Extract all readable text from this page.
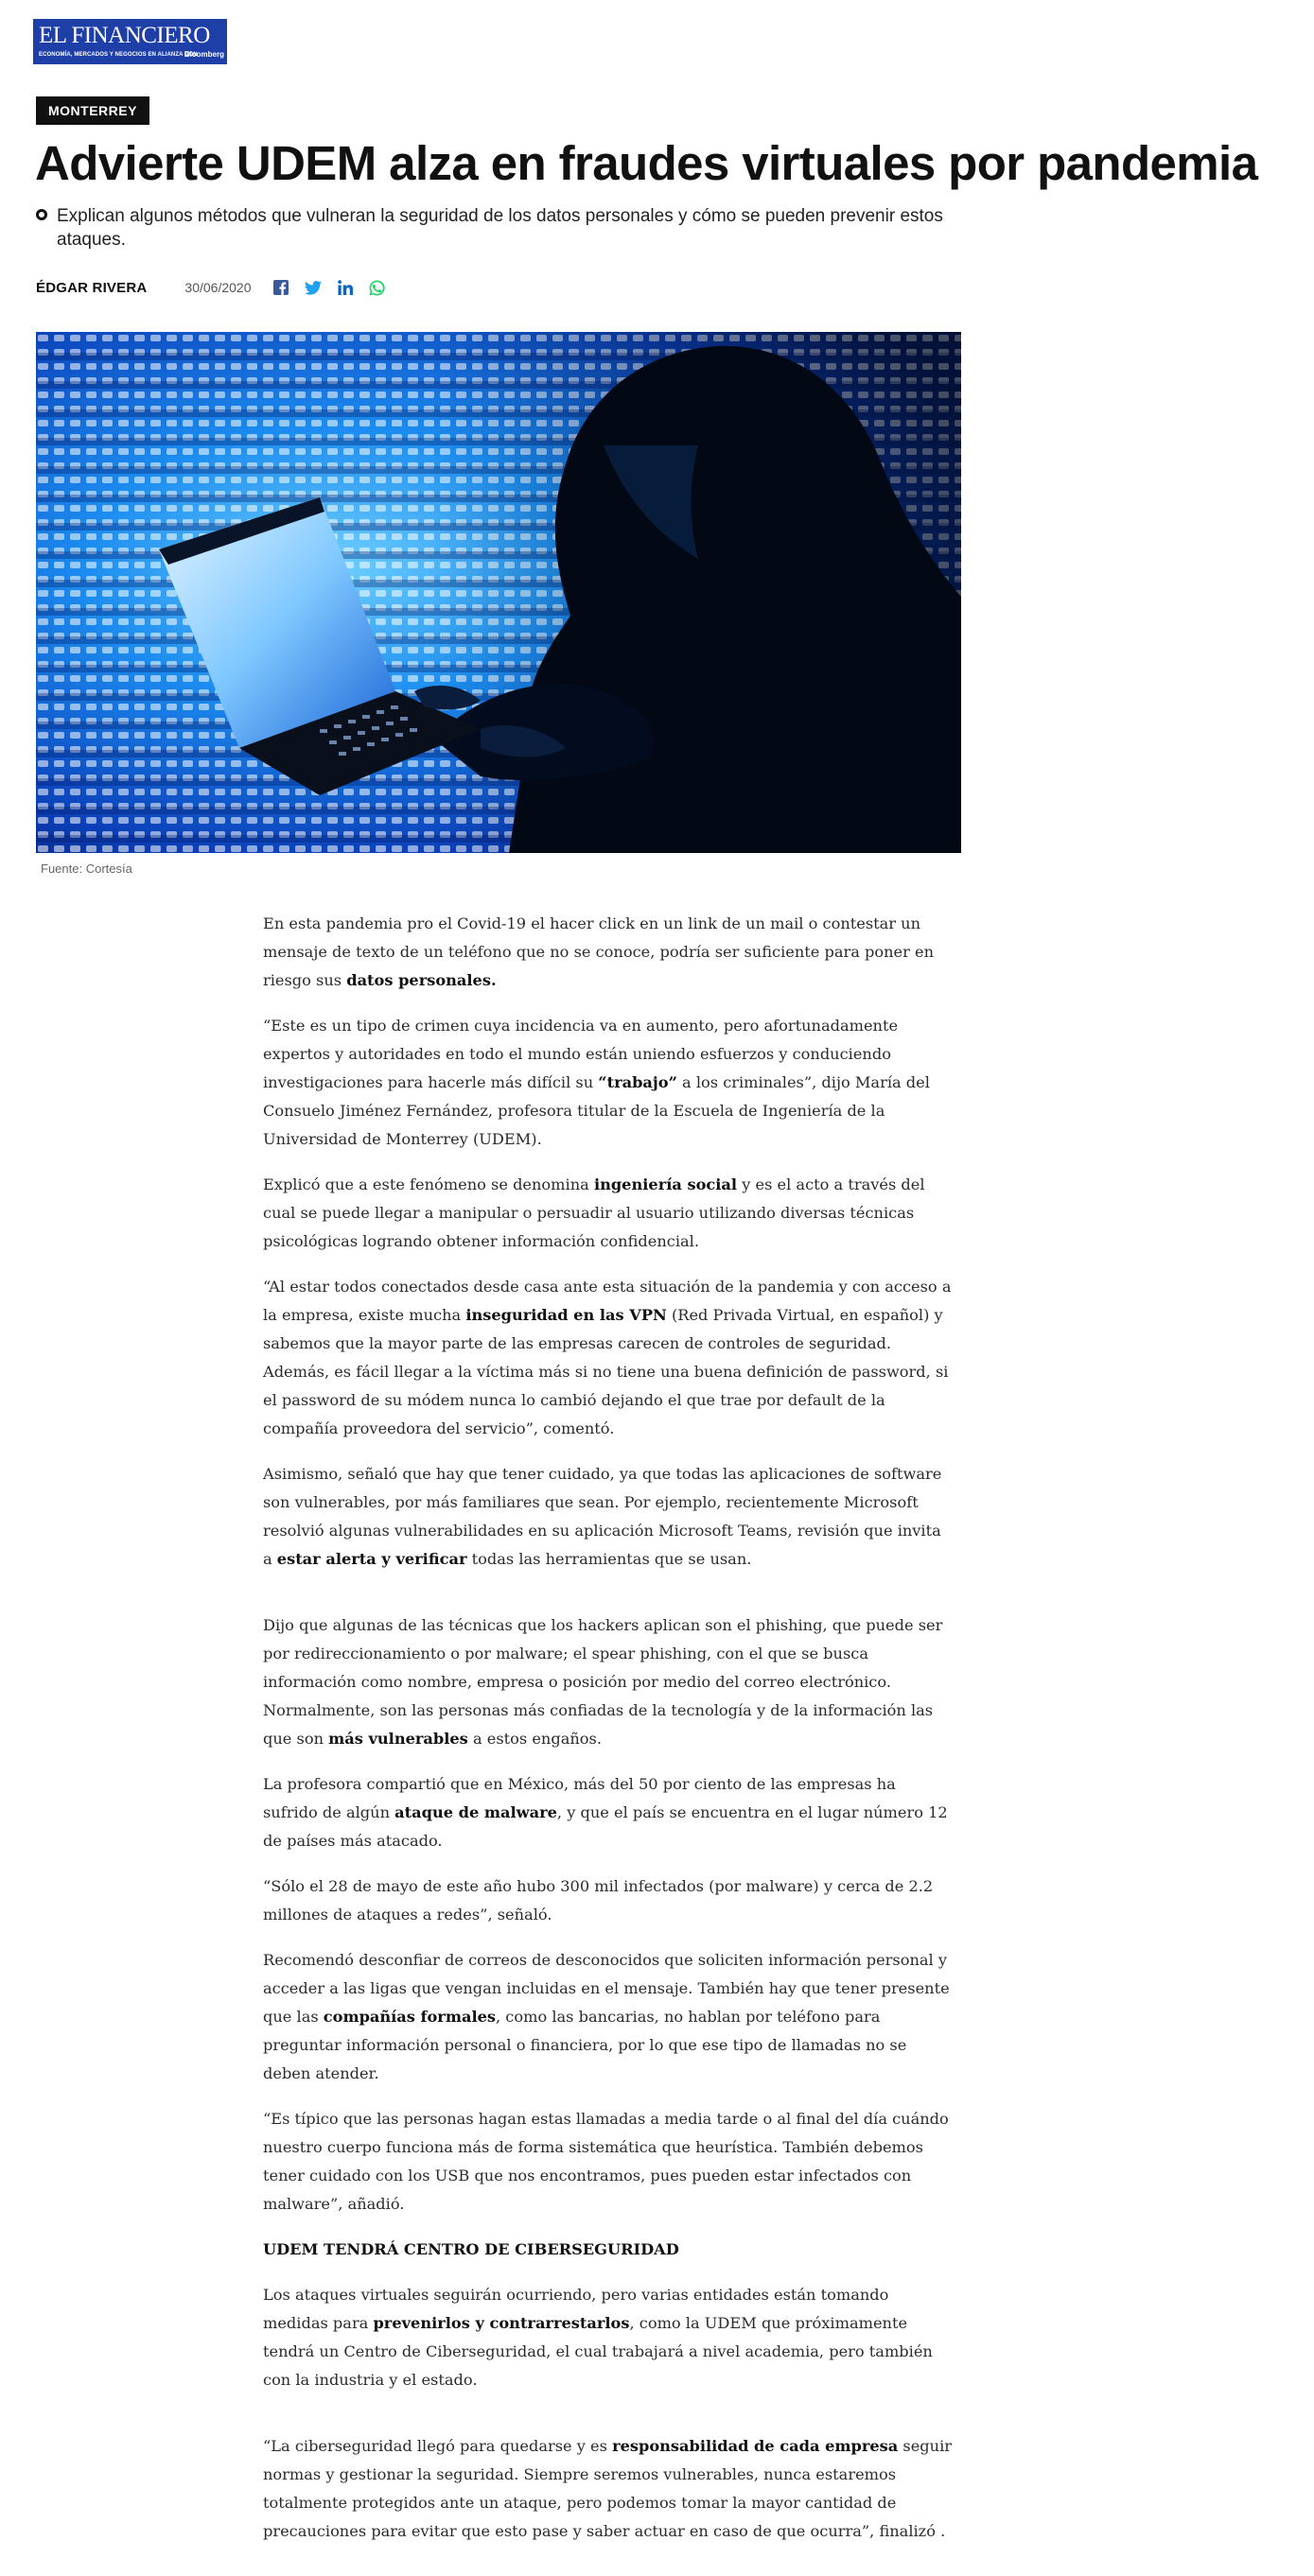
EL FINANCIERO
ECONOMÍA, MERCADOS Y NEGOCIOS EN ALIANZA CON
Bloomberg
MONTERREY
Advierte UDEM alza en fraudes virtuales por pandemia

Explican algunos métodos que vulneran la seguridad de los datos personales y cómo se pueden prevenir estos ataques.

ÉDGAR RIVERA	30/06/2020
Fuente: Cortesía

En esta pandemia pro el Covid-19 el hacer click en un link de un mail o contestar un mensaje de texto de un teléfono que no se conoce, podría ser suficiente para poner en riesgo sus datos personales.

“Este es un tipo de crimen cuya incidencia va en aumento, pero afortunadamente expertos y autoridades en todo el mundo están uniendo esfuerzos y conduciendo investigaciones para hacerle más difícil su “trabajo” a los criminales”, dijo María del Consuelo Jiménez Fernández, profesora titular de la Escuela de Ingeniería de la Universidad de Monterrey (UDEM).

Explicó que a este fenómeno se denomina ingeniería social y es el acto a través del cual se puede llegar a manipular o persuadir al usuario utilizando diversas técnicas psicológicas logrando obtener información confidencial.

“Al estar todos conectados desde casa ante esta situación de la pandemia y con acceso a la empresa, existe mucha inseguridad en las VPN (Red Privada Virtual, en español) y sabemos que la mayor parte de las empresas carecen de controles de seguridad. Además, es fácil llegar a la víctima más si no tiene una buena definición de password, si el password de su módem nunca lo cambió dejando el que trae por default de la compañía proveedora del servicio”, comentó.

Asimismo, señaló que hay que tener cuidado, ya que todas las aplicaciones de software son vulnerables, por más familiares que sean. Por ejemplo, recientemente Microsoft resolvió algunas vulnerabilidades en su aplicación Microsoft Teams, revisión que invita a estar alerta y verificar todas las herramientas que se usan.

Dijo que algunas de las técnicas que los hackers aplican son el phishing, que puede ser por redireccionamiento o por malware; el spear phishing, con el que se busca información como nombre, empresa o posición por medio del correo electrónico. Normalmente, son las personas más confiadas de la tecnología y de la información las que son más vulnerables a estos engaños.

La profesora compartió que en México, más del 50 por ciento de las empresas ha sufrido de algún ataque de malware, y que el país se encuentra en el lugar número 12 de países más atacado.

“Sólo el 28 de mayo de este año hubo 300 mil infectados (por malware) y cerca de 2.2 millones de ataques a redes”, señaló.

Recomendó desconfiar de correos de desconocidos que soliciten información personal y acceder a las ligas que vengan incluidas en el mensaje. También hay que tener presente que las compañías formales, como las bancarias, no hablan por teléfono para preguntar información personal o financiera, por lo que ese tipo de llamadas no se deben atender.

“Es típico que las personas hagan estas llamadas a media tarde o al final del día cuándo nuestro cuerpo funciona más de forma sistemática que heurística. También debemos tener cuidado con los USB que nos encontramos, pues pueden estar infectados con malware”, añadió.

UDEM TENDRÁ CENTRO DE CIBERSEGURIDAD

Los ataques virtuales seguirán ocurriendo, pero varias entidades están tomando medidas para prevenirlos y contrarrestarlos, como la UDEM que próximamente tendrá un Centro de Ciberseguridad, el cual trabajará a nivel academia, pero también con la industria y el estado.

“La ciberseguridad llegó para quedarse y es responsabilidad de cada empresa seguir normas y gestionar la seguridad. Siempre seremos vulnerables, nunca estaremos totalmente protegidos ante un ataque, pero podemos tomar la mayor cantidad de precauciones para evitar que esto pase y saber actuar en caso de que ocurra”, finalizó .
